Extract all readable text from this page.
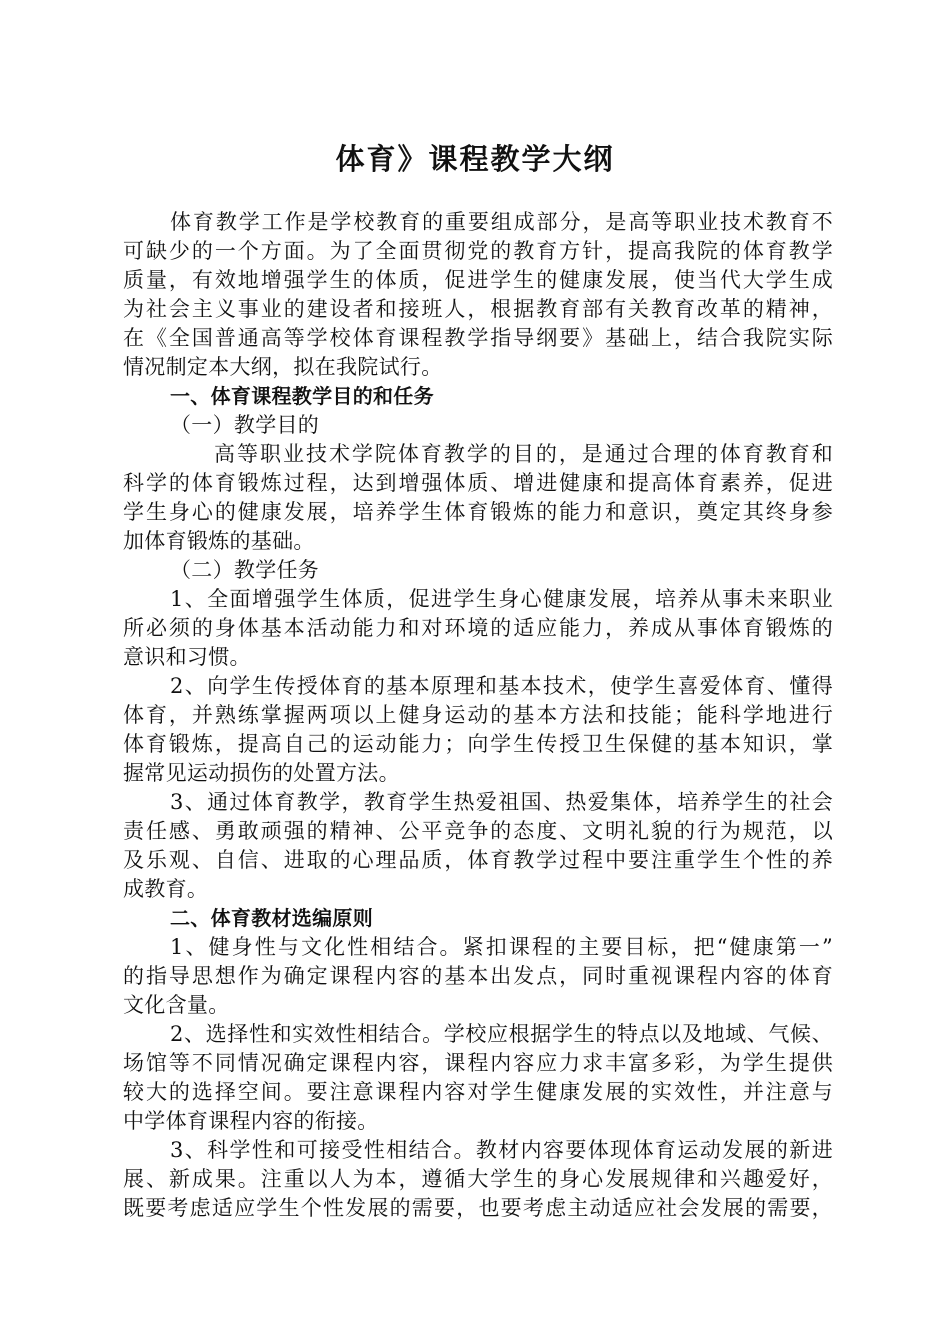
体育》课程教学大纲
体育教学工作是学校教育的重要组成部分，是高等职业技术教育不
可缺少的一个方面。为了全面贯彻党的教育方针，提高我院的体育教学
质量，有效地增强学生的体质，促进学生的健康发展，使当代大学生成
为社会主义事业的建设者和接班人，根据教育部有关教育改革的精神，
在《全国普通高等学校体育课程教学指导纲要》基础上，结合我院实际
情况制定本大纲，拟在我院试行。
一、体育课程教学目的和任务
（一）教学目的
高等职业技术学院体育教学的目的，是通过合理的体育教育和
科学的体育锻炼过程，达到增强体质、增进健康和提高体育素养，促进
学生身心的健康发展，培养学生体育锻炼的能力和意识，奠定其终身参
加体育锻炼的基础。
（二）教学任务
1、全面增强学生体质，促进学生身心健康发展，培养从事未来职业
所必须的身体基本活动能力和对环境的适应能力，养成从事体育锻炼的
意识和习惯。
2、向学生传授体育的基本原理和基本技术，使学生喜爱体育、懂得
体育，并熟练掌握两项以上健身运动的基本方法和技能；能科学地进行
体育锻炼，提高自己的运动能力；向学生传授卫生保健的基本知识，掌
握常见运动损伤的处置方法。
3、通过体育教学，教育学生热爱祖国、热爱集体，培养学生的社会
责任感、勇敢顽强的精神、公平竞争的态度、文明礼貌的行为规范，以
及乐观、自信、进取的心理品质，体育教学过程中要注重学生个性的养
成教育。
二、体育教材选编原则
1、健身性与文化性相结合。紧扣课程的主要目标，把“健康第一”
的指导思想作为确定课程内容的基本出发点，同时重视课程内容的体育
文化含量。
2、选择性和实效性相结合。学校应根据学生的特点以及地域、气候、
场馆等不同情况确定课程内容，课程内容应力求丰富多彩，为学生提供
较大的选择空间。要注意课程内容对学生健康发展的实效性，并注意与
中学体育课程内容的衔接。
3、科学性和可接受性相结合。教材内容要体现体育运动发展的新进
展、新成果。注重以人为本，遵循大学生的身心发展规律和兴趣爱好，
既要考虑适应学生个性发展的需要，也要考虑主动适应社会发展的需要，
